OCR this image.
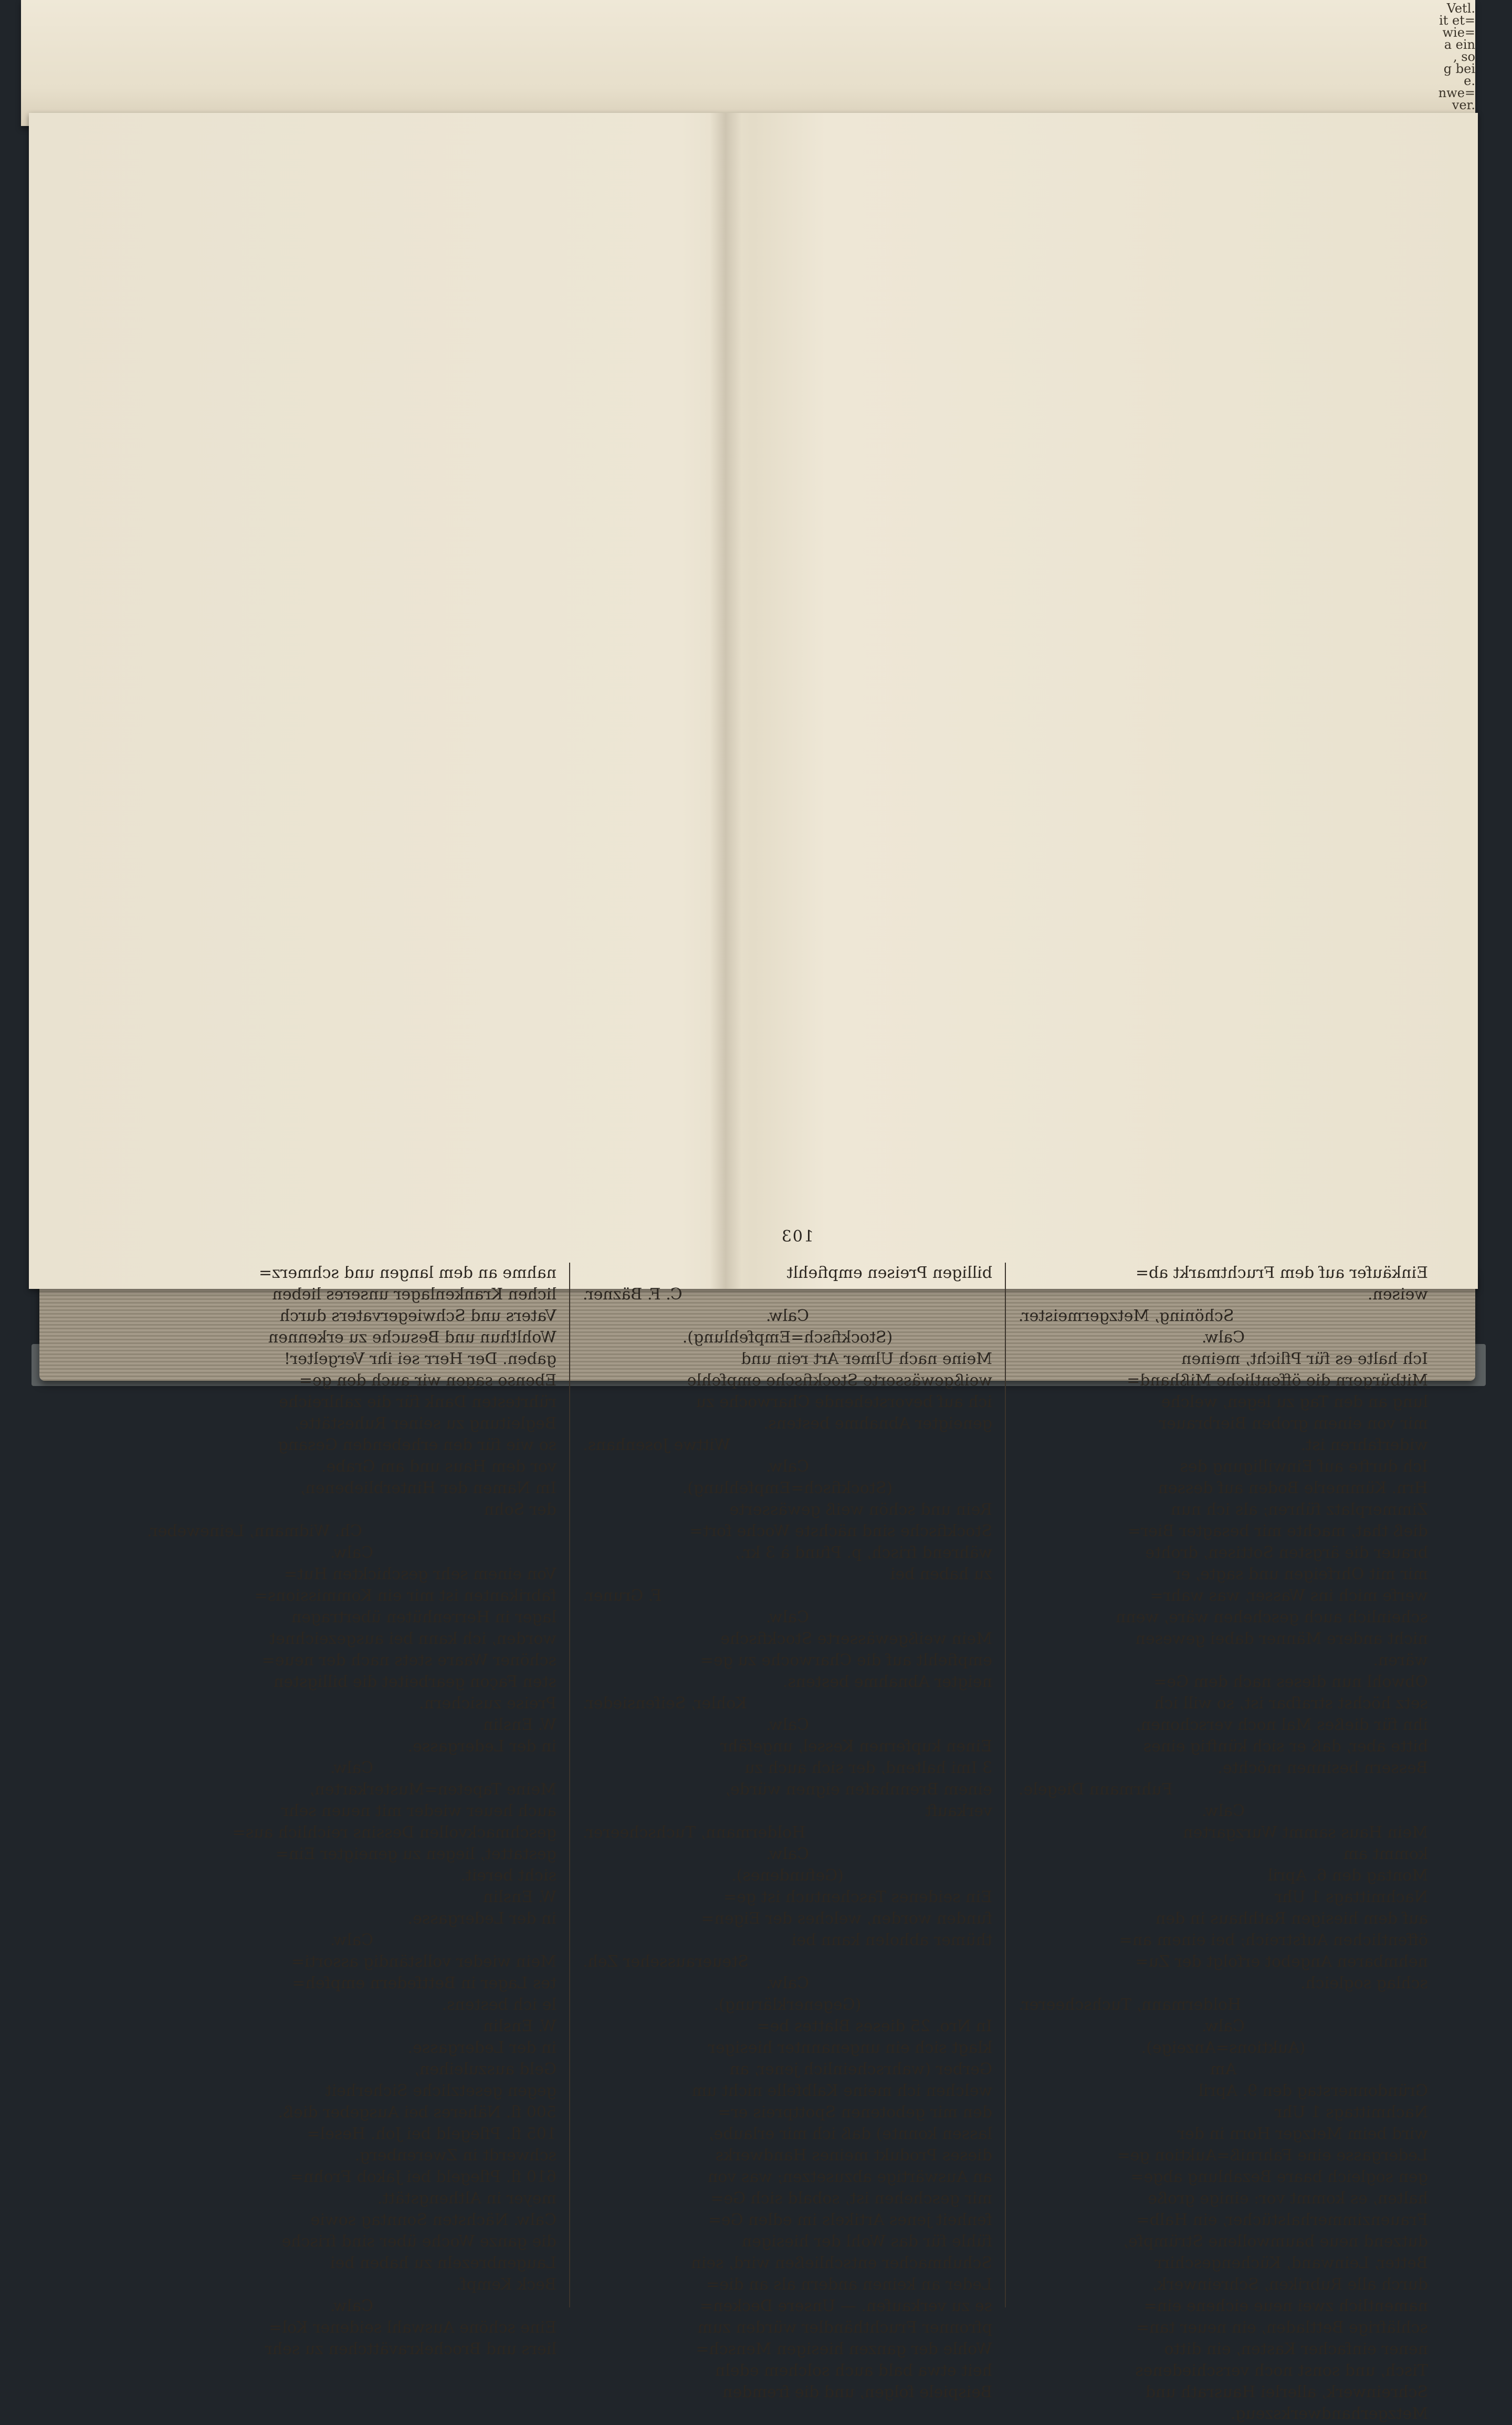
Vetl.
it et=
wie=
a ein
, so
g bei
e.
nwe=
ver.
103

Einkäufer auf dem Fruchtmarkt ab=

weisen.

Schöning, Metzgermeister.

Calw.

Ich halte es für Pflicht, meinen

Mitbürgern die öffentliche Mißhand=

lung an den Tag zu legen, welche

mir von einem groben Bierbrauer

widerfahren ist.

Ich durfte auf Einwilligung des

Hrn. Kümmerle Boden auf dessen

Zimmerplatz führen; als ich nun

dieß that, machte mir besagter Bier=

brauer die ärgsten Sottisen, drohte

mir mit Ohrfeigen und sagte, er

werfe mich ins Wasser, was wahr=

scheinlich auch geschehen wäre, wenn

nicht andere Männer dabei gewesen

wären.

Obwohl nun dieses nach dem Ge=

setz höchst strafbar ist, so will ich

ihn für dießes Mal noch verschonen,

bitte aber, daß er sich künftig eines

Bessern besinnen möchte.

Fuhrmann Diegele.

Calw.

Mein Haus sammt Wurzgarten

kommt am

Montag den 6. April

Nachmittags 1 Uhr

auf dem hiesigen Rathhaus in den

öffentlichen Aufstreich; bei einem an=

nehmbaren Angebot erfolgt der Zu=

schlag sogleich.

Holdermann, Tuchscheerer.

Calw.

(Auktions=Anzeige).

Am

Gründonnerstag den 9. April

Nachmittags 1 Uhr

wird beim Metzger Horn in der

Ledergasse eine Fahrniß=Auktion ge=

gen sogleich baare Bezahlung abge=

halten, es kommt vor: einige große

Frauenzimmerhalstücher, ein Halb=

dutzend neue baumwollene Strümpfe,

Better, Leinwand, Küchengeschirr

durch alle Rubriken, Schreinwerk,

namentlich zwei neue eichene ein=

schläfrige Bettladen, ein neuer tan=

nener einfacher Kasten, ein ditto

Tisch, und sonst noch verschiedenes

Schreinwerk, allerlei Hausrath und

Metzgerhandwerkszeug.

billigen Preisen empfiehlt

C. F. Bäzner.

Calw.

(Stockfisch=Empfehlung).

Meine nach Ulmer Art rein und

weißgewässerte Stockfische empfehle

ich auf bevorstehende Charwoche zu

geneigter Abnahme bestens.

Wittwe Josenhans.

Calw.

(Stockfisch=Empfehlung).

Rein und schön weiß gewässerte

Stockfische sind nächste Woche fort=

während frisch, p. Pfund à 3 kr.,

zu haben bei

F. Gruner.

Calw.

Mein weißgewässerte Stockfische

empfiehlt auf die Charwoche zu ge=

neigter Abnahme bestens.

Kohler, Seifensieder.

Calw.

Einen kupfernen Kessel, ungefähr

3 Imi haltend, der sich auch zu

einem Brennhafen eignen würde,

verkauft

Holdermann, Tuchscheerer.

Calw.

(Gefundenes).

Ein seidenes Taschentuch ist ge=

funden worden, welches der Eigen=

thümer abholen kann bei

Steuerausseher Zeh.

Calw.

(Gegenerklärung).

In Nro. 25 dieses Blattes be=

klagt sich ein ungenannter hiesiger

Gerber (wahrscheinlich jener, an

welchen ich meine Kalbfelle nicht um

den mir gebotenen Spottpreis er=

lassen konnte) daß ich mir erlaube,

dieses Produkt meines Handwerks

an Auswärtige abzusetzen; was von

mir geschehen ist, sobald sich Ge=

fenheit jenes Artikels im edlen Ge=

fühle für das Wohl der hiesigen

Schuhmacher entschließen wird, sein

Leder an keinen andern als an die=

se zu verkaufen. — Unsere Decken=

pfronner Fruchthändler würden zum

Wohle der ganzen hiesigen Mensch=

heit etwa bald auch solchem edeln

Beispiele folgen, und die fremden

nahme an dem langen und schmerz=

lichen Krankenlager unseres lieben

Vaters und Schwiegervaters durch

Wohlthun und Besuche zu erkennen

gaben. Der Herr sei ihr Vergelter!

Ebenso sagen wir auch den ge=

rührtesten Dank für die zahlreiche

Begleitung zu seiner Ruhestätte,

so wie für den erhebenden Gesang

vor dem Haus und am Grabe.

Im Namen der Hinterbliebenen,

der Sohn

Ch. Widmann, Leineweber.

Calw.

Von einem sehr geschickten Hut=

fabrikanten ist mir ein Kommissions=

lager in Herrenhüten übertragen

worden, ich kann bei ausgezeichnet

schöner Waare stets nach der neue=

sten Façon gearbeitet die billigsten

Preise zusichern.

W. Enslin

in der Ledergasse.

Calw.

Meine Tapeten=Musterkarten,

auch heuer wieder mit neuen sehr

geschmackvollen Dessins reichlich aus=

gestattet, liegen zu geneigter Ein=

sicht bereit.

W. Enslin

in der Ledergasse.

Calw.

Mein wieder vollständig assorti=

tes Lager in Bettfedern empfeh=

le ich bestens.

W. Enslin

in der Ledergasse.

Geld auszuleihen,

gegen gesetzliche Sicherheit

500 fl. Näheres bei Ausgeber dieß.

105 fl. Pflegeld bei Joh. Hesel=

schwerdt in Zwerenberg.

610 fl. Pflegeld bei Jakob Frohn=

meyer in Althengstätt.

Calw. Nächsten Sonntag sowie

die ganze Woche über sind frische

Laugenbrezeln zu haben bei

Beck Kempf.

Calw.

Eine schöne Auswahl seidener Kol=

liers und Brochekravättchen zu sehr
